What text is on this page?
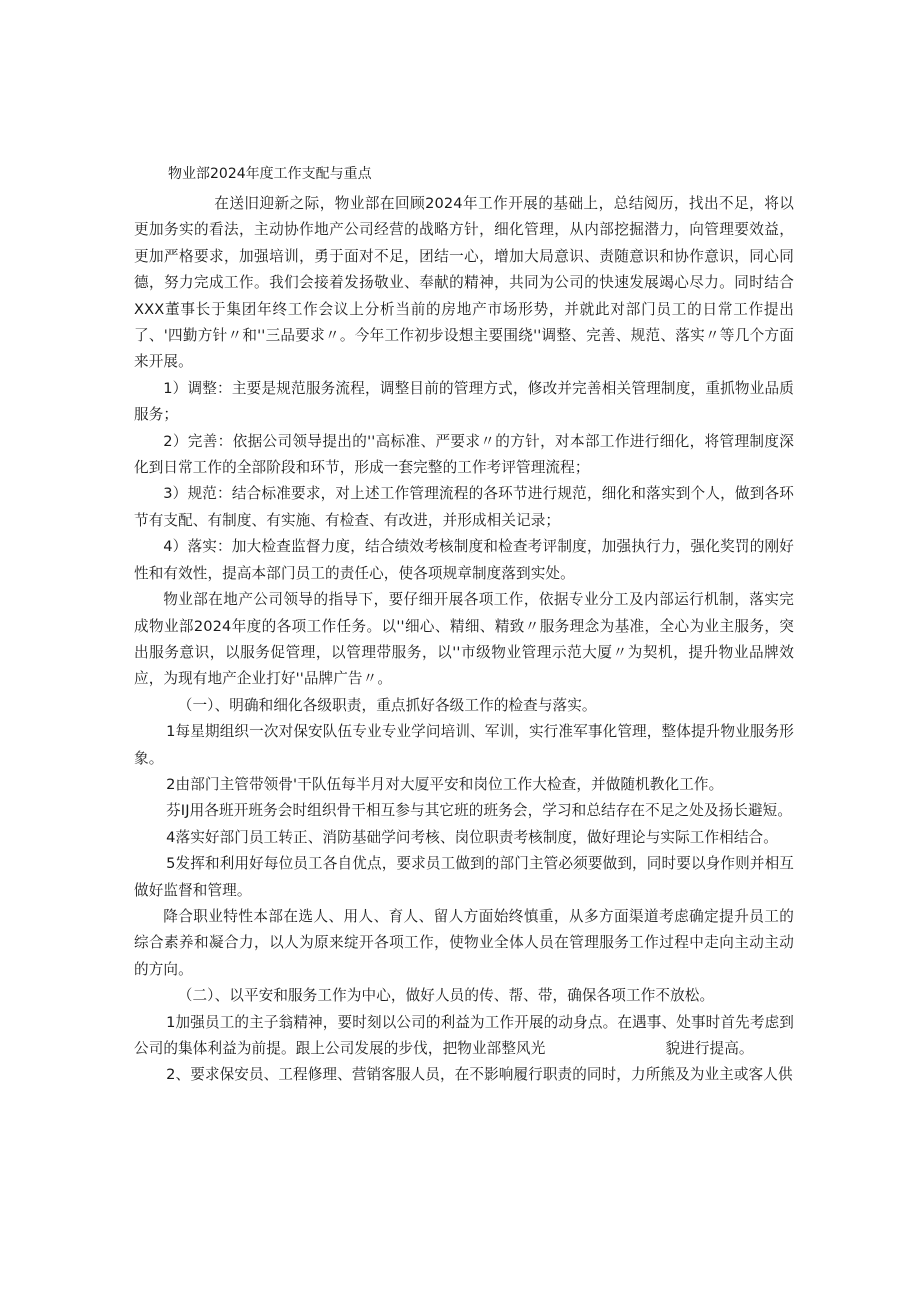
物业部2024年度工作支配与重点

在送旧迎新之际，物业部在回顾2024年工作开展的基础上，总结阅历，找出不足，将以更加务实的看法，主动协作地产公司经营的战略方针，细化管理，从内部挖掘潜力，向管理要效益，更加严格要求，加强培训，勇于面对不足，团结一心，增加大局意识、责随意识和协作意识，同心同德，努力完成工作。我们会接着发扬敬业、奉献的精神，共同为公司的快速发展竭心尽力。同时结合XXX董事长于集团年终工作会议上分析当前的房地产市场形势，并就此对部门员工的日常工作提出了、'四勤方针〃和''三品要求〃。今年工作初步设想主要围绕''调整、完善、规范、落实〃等几个方面来开展。

1）调整：主要是规范服务流程，调整目前的管理方式，修改并完善相关管理制度，重抓物业品质服务；

2）完善：依据公司领导提出的''高标准、严要求〃的方针，对本部工作进行细化，将管理制度深化到日常工作的全部阶段和环节，形成一套完整的工作考评管理流程；

3）规范：结合标准要求，对上述工作管理流程的各环节进行规范，细化和落实到个人，做到各环节有支配、有制度、有实施、有检查、有改进，并形成相关记录；

4）落实：加大检查监督力度，结合绩效考核制度和检查考评制度，加强执行力，强化奖罚的刚好性和有效性，提高本部门员工的责任心，使各项规章制度落到实处。

物业部在地产公司领导的指导下，要仔细开展各项工作，依据专业分工及内部运行机制，落实完成物业部2024年度的各项工作任务。以''细心、精细、精致〃服务理念为基准，全心为业主服务，突出服务意识，以服务促管理，以管理带服务，以''市级物业管理示范大厦〃为契机，提升物业品牌效应，为现有地产企业打好''品牌广告〃。

（一）、明确和细化各级职责，重点抓好各级工作的检查与落实。

1每星期组织一次对保安队伍专业专业学问培训、军训，实行准军事化管理，整体提升物业服务形象。

2由部门主管带领骨'干队伍每半月对大厦平安和岗位工作大检查，并做随机教化工作。

芬IJ用各班开班务会时组织骨干相互参与其它班的班务会，学习和总结存在不足之处及扬长避短。

4落实好部门员工转正、消防基础学问考核、岗位职责考核制度，做好理论与实际工作相结合。

5发挥和利用好每位员工各自优点，要求员工做到的部门主管必须要做到，同时要以身作则并相互做好监督和管理。

降合职业特性本部在选人、用人、育人、留人方面始终慎重，从多方面渠道考虑确定提升员工的综合素养和凝合力，以人为原来绽开各项工作，使物业全体人员在管理服务工作过程中走向主动主动的方向。

（二）、以平安和服务工作为中心，做好人员的传、帮、带，确保各项工作不放松。

1加强员工的主子翁精神，要时刻以公司的利益为工作开展的动身点。在遇事、处事时首先考虑到公司的集体利益为前提。跟上公司发展的步伐，把物业部整风光	貌进行提高。

2、要求保安员、工程修理、营销客服人员，在不影响履行职责的同时，力所熊及为业主或客人供
